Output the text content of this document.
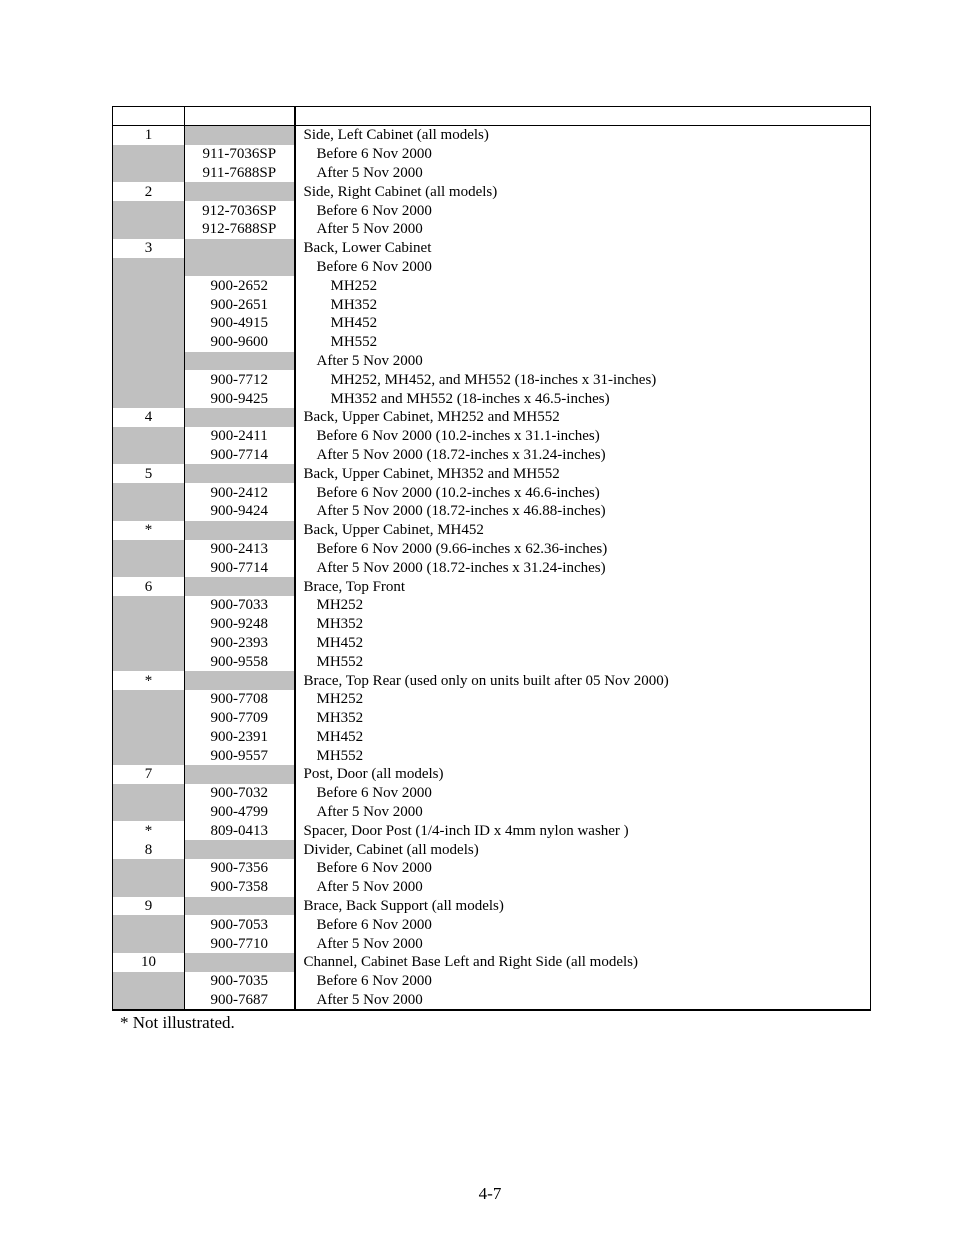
1		Side, Left Cabinet (all models)
	911-7036SP	Before 6 Nov 2000
	911-7688SP	After 5 Nov 2000
2		Side, Right Cabinet (all models)
	912-7036SP	Before 6 Nov 2000
	912-7688SP	After 5 Nov 2000
3		Back, Lower Cabinet
		Before 6 Nov 2000
	900-2652	MH252
	900-2651	MH352
	900-4915	MH452
	900-9600	MH552
		After 5 Nov 2000
	900-7712	MH252, MH452, and MH552 (18-inches x 31-inches)
	900-9425	MH352 and MH552 (18-inches x 46.5-inches)
4		Back, Upper Cabinet, MH252 and MH552
	900-2411	Before 6 Nov 2000 (10.2-inches x 31.1-inches)
	900-7714	After 5 Nov 2000 (18.72-inches x 31.24-inches)
5		Back, Upper Cabinet, MH352 and MH552
	900-2412	Before 6 Nov 2000 (10.2-inches x 46.6-inches)
	900-9424	After 5 Nov 2000 (18.72-inches x 46.88-inches)
*		Back, Upper Cabinet, MH452
	900-2413	Before 6 Nov 2000 (9.66-inches x 62.36-inches)
	900-7714	After 5 Nov 2000 (18.72-inches x 31.24-inches)
6		Brace, Top Front
	900-7033	MH252
	900-9248	MH352
	900-2393	MH452
	900-9558	MH552
*		Brace, Top Rear (used only on units built after 05 Nov 2000)
	900-7708	MH252
	900-7709	MH352
	900-2391	MH452
	900-9557	MH552
7		Post, Door (all models)
	900-7032	Before 6 Nov 2000
	900-4799	After 5 Nov 2000
*	809-0413	Spacer, Door Post (1/4-inch ID x 4mm nylon washer )
8		Divider, Cabinet (all models)
	900-7356	Before 6 Nov 2000
	900-7358	After 5 Nov 2000
9		Brace, Back Support (all models)
	900-7053	Before 6 Nov 2000
	900-7710	After 5 Nov 2000
10		Channel, Cabinet Base Left and Right Side (all models)
	900-7035	Before 6 Nov 2000
	900-7687	After 5 Nov 2000
* Not illustrated.
4-7
